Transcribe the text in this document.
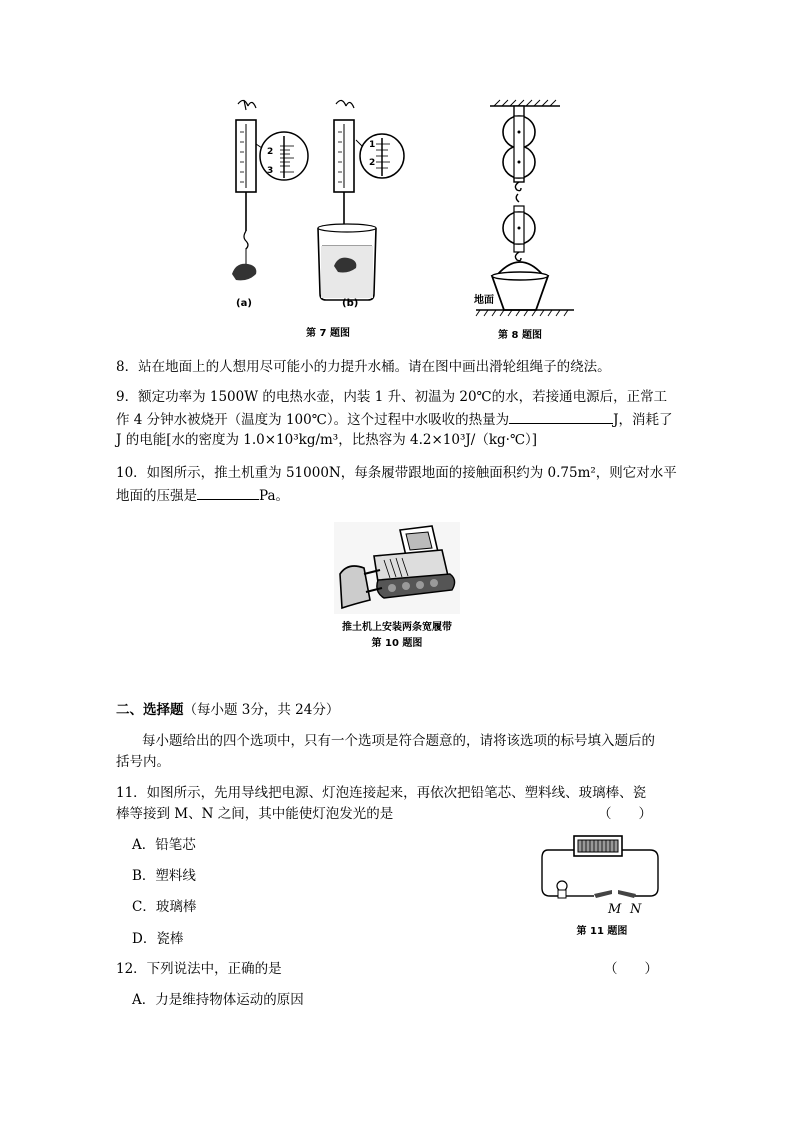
(a)	(b)
2
3
1
2
第 7 题图
地面
第 8 题图
8．站在地面上的人想用尽可能小的力提升水桶。请在图中画出滑轮组绳子的绕法。
9．额定功率为 1500W 的电热水壶，内装 1 升、初温为 20℃的水，若接通电源后，正常工
作 4 分钟水被烧开（温度为 100℃）。这个过程中水吸收的热量为	J，消耗了
J 的电能[水的密度为 1.0×10³kg/m³，比热容为 4.2×10³J/（kg·℃）]
10．如图所示，推土机重为 51000N，每条履带跟地面的接触面积约为 0.75m²，则它对水平
地面的压强是	Pa。
推土机上安装两条宽履带
第 10 题图
二、选择题（每小题 3分，共 24分）
每小题给出的四个选项中，只有一个选项是符合题意的，请将该选项的标号填入题后的
括号内。
11．如图所示，先用导线把电源、灯泡连接起来，再依次把铅笔芯、塑料线、玻璃棒、瓷
棒等接到 M、N 之间，其中能使灯泡发光的是	（　　）
A．铅笔芯
B．塑料线
C．玻璃棒
D．瓷棒
M N
第 11 题图
12．下列说法中，正确的是	（　　）
A．力是维持物体运动的原因
